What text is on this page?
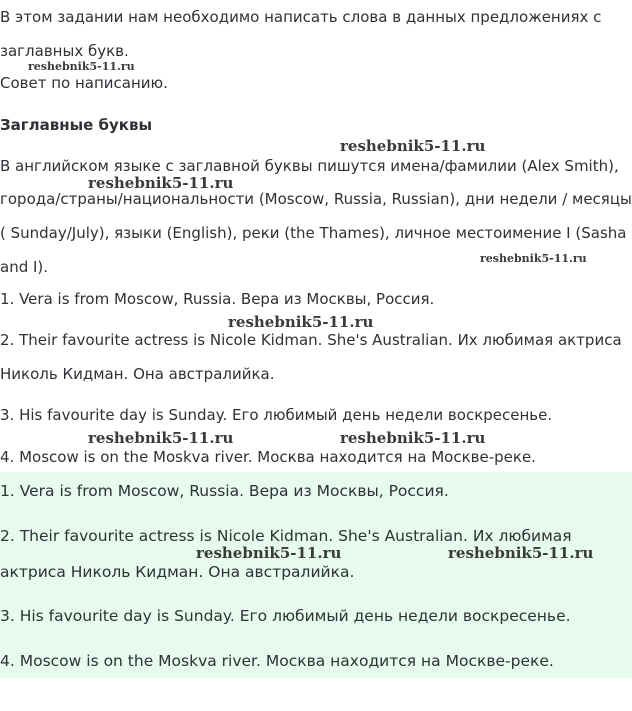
В этом задании нам необходимо написать слова в данных предложениях с
заглавных букв.
reshebnik5-11.ru
Совет по написанию.
Заглавные буквы
reshebnik5-11.ru
В английском языке с заглавной буквы пишутся имена/фамилии (Alex Smith),
reshebnik5-11.ru
города/страны/национальности (Moscow, Russia, Russian), дни недели / месяцы
( Sunday/July), языки (English), реки (the Thames), личное местоимение I (Sasha
reshebnik5-11.ru
and I).
1. Vera is from Moscow, Russia. Вера из Москвы, Россия.
reshebnik5-11.ru
2. Their favourite actress is Nicole Kidman. She's Australian. Их любимая актриса
Николь Кидман. Она австралийка.
3. His favourite day is Sunday. Его любимый день недели воскресенье.
reshebnik5-11.ru	reshebnik5-11.ru
4. Moscow is on the Moskva river. Москва находится на Москве-реке.
1. Vera is from Moscow, Russia. Вера из Москвы, Россия.
2. Their favourite actress is Nicole Kidman. She's Australian. Их любимая
reshebnik5-11.ru	reshebnik5-11.ru
актриса Николь Кидман. Она австралийка.
3. His favourite day is Sunday. Его любимый день недели воскресенье.
4. Moscow is on the Moskva river. Москва находится на Москве-реке.
